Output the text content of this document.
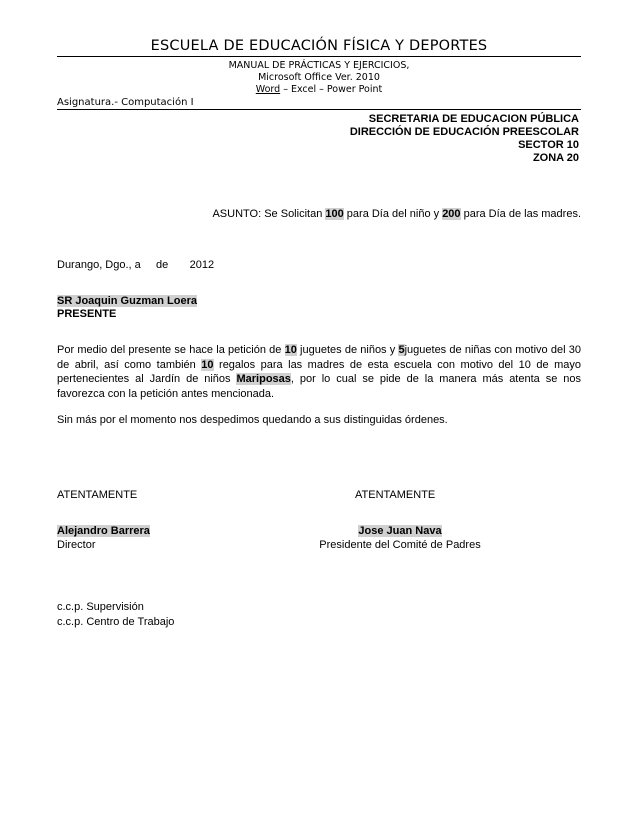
ESCUELA DE EDUCACIÓN FÍSICA Y DEPORTES
MANUAL DE PRÁCTICAS Y EJERCICIOS,
Microsoft Office Ver. 2010
Word – Excel – Power Point
Asignatura.- Computación I
SECRETARIA DE EDUCACION PÚBLICA
DIRECCIÓN DE EDUCACIÓN PREESCOLAR
SECTOR 10
ZONA 20
ASUNTO: Se Solicitan 100 para Día del niño y 200 para Día de las madres.
Durango, Dgo., a     de       2012
SR Joaquin Guzman Loera
PRESENTE
Por medio del presente se hace la petición de 10 juguetes de niños y 5juguetes de niñas con motivo del 30 de abril, así como también 10 regalos para las madres de esta escuela con motivo del 10 de mayo pertenecientes al Jardín de niños Mariposas, por lo cual se pide de la manera más atenta se nos favorezca con la petición antes mencionada.
Sin más por el momento nos despedimos quedando a sus distinguidas órdenes.
ATENTAMENTE	ATENTAMENTE
Alejandro Barrera
Director
Jose Juan Nava
Presidente del Comité de Padres
c.c.p. Supervisión
c.c.p. Centro de Trabajo
